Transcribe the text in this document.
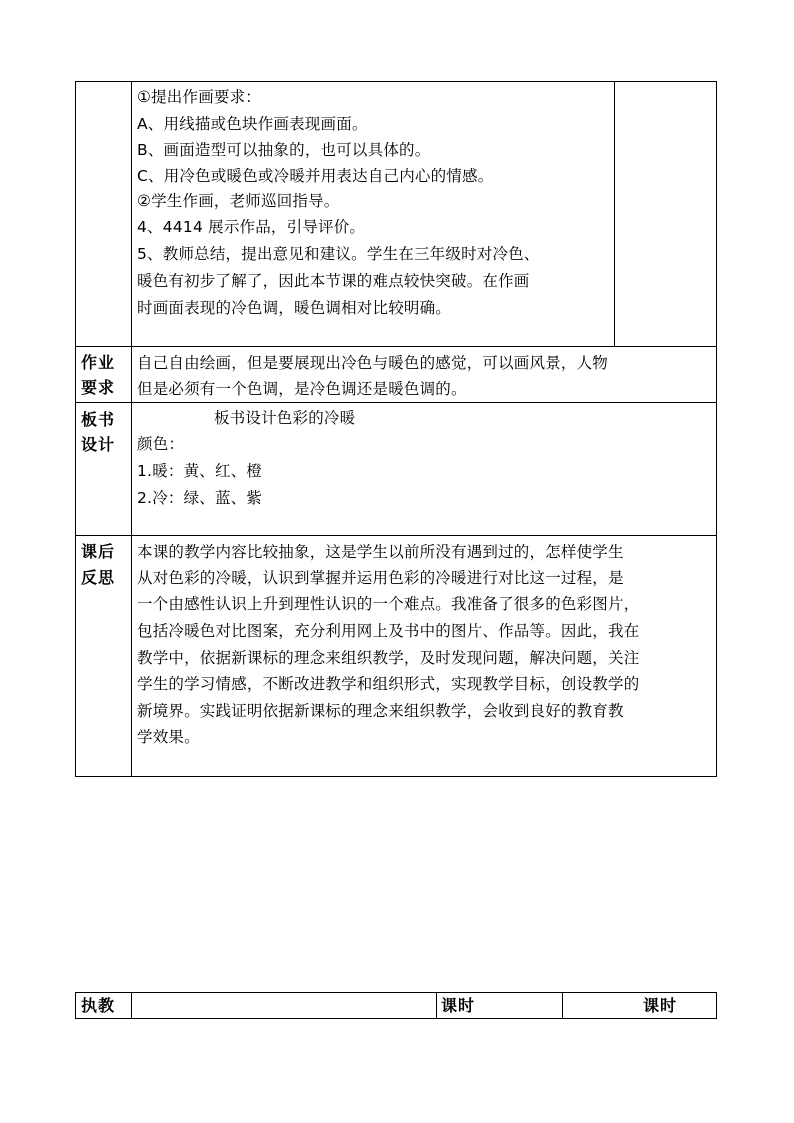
①提出作画要求：
A、用线描或色块作画表现画面。
B、画面造型可以抽象的，也可以具体的。
C、用冷色或暖色或冷暖并用表达自己内心的情感。
②学生作画，老师巡回指导。
4、4414 展示作品，引导评价。
5、教师总结，提出意见和建议。学生在三年级时对冷色、
暖色有初步了解了，因此本节课的难点较快突破。在作画
时画面表现的冷色调，暖色调相对比较明确。
作业
要求
自己自由绘画，但是要展现出冷色与暖色的感觉，可以画风景，人物
但是必须有一个色调，是冷色调还是暖色调的。
板书
设计
板书设计色彩的冷暖
颜色：
1.暖：黄、红、橙
2.冷：绿、蓝、紫
课后
反思
本课的教学内容比较抽象，这是学生以前所没有遇到过的，怎样使学生
从对色彩的冷暖，认识到掌握并运用色彩的冷暖进行对比这一过程，是
一个由感性认识上升到理性认识的一个难点。我准备了很多的色彩图片，
包括冷暖色对比图案，充分利用网上及书中的图片、作品等。因此，我在
教学中，依据新课标的理念来组织教学，及时发现问题，解决问题，关注
学生的学习情感，不断改进教学和组织形式，实现教学目标，创设教学的
新境界。实践证明依据新课标的理念来组织教学，会收到良好的教育教
学效果。
执教	课时	课时
